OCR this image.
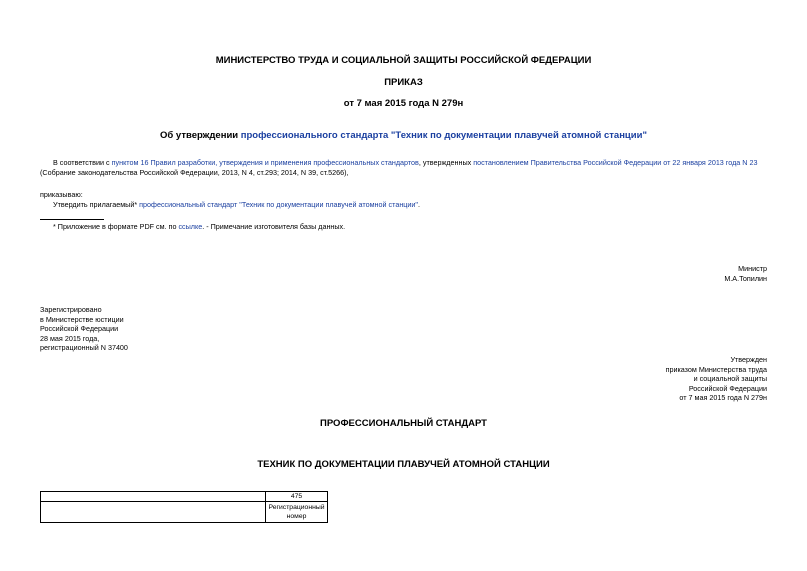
МИНИСТЕРСТВО ТРУДА И СОЦИАЛЬНОЙ ЗАЩИТЫ РОССИЙСКОЙ ФЕДЕРАЦИИ
ПРИКАЗ
от 7 мая 2015 года N 279н
Об утверждении профессионального стандарта "Техник по документации плавучей атомной станции"
В соответствии с пунктом 16 Правил разработки, утверждения и применения профессиональных стандартов, утвержденных постановлением Правительства Российской Федерации от 22 января 2013 года N 23
(Собрание законодательства Российской Федерации, 2013, N 4, ст.293; 2014, N 39, ст.5266),
приказываю:
Утвердить прилагаемый* профессиональный стандарт "Техник по документации плавучей атомной станции".
* Приложение в формате PDF см. по ссылке. - Примечание изготовителя базы данных.
Министр
М.А.Топилин
Зарегистрировано
в Министерстве юстиции
Российской Федерации
28 мая 2015 года,
регистрационный N 37400
Утвержден
приказом Министерства труда
и социальной защиты
Российской Федерации
от 7 мая 2015 года N 279н
ПРОФЕССИОНАЛЬНЫЙ СТАНДАРТ
ТЕХНИК ПО ДОКУМЕНТАЦИИ ПЛАВУЧЕЙ АТОМНОЙ СТАНЦИИ
	475

	Регистрационный
номер
